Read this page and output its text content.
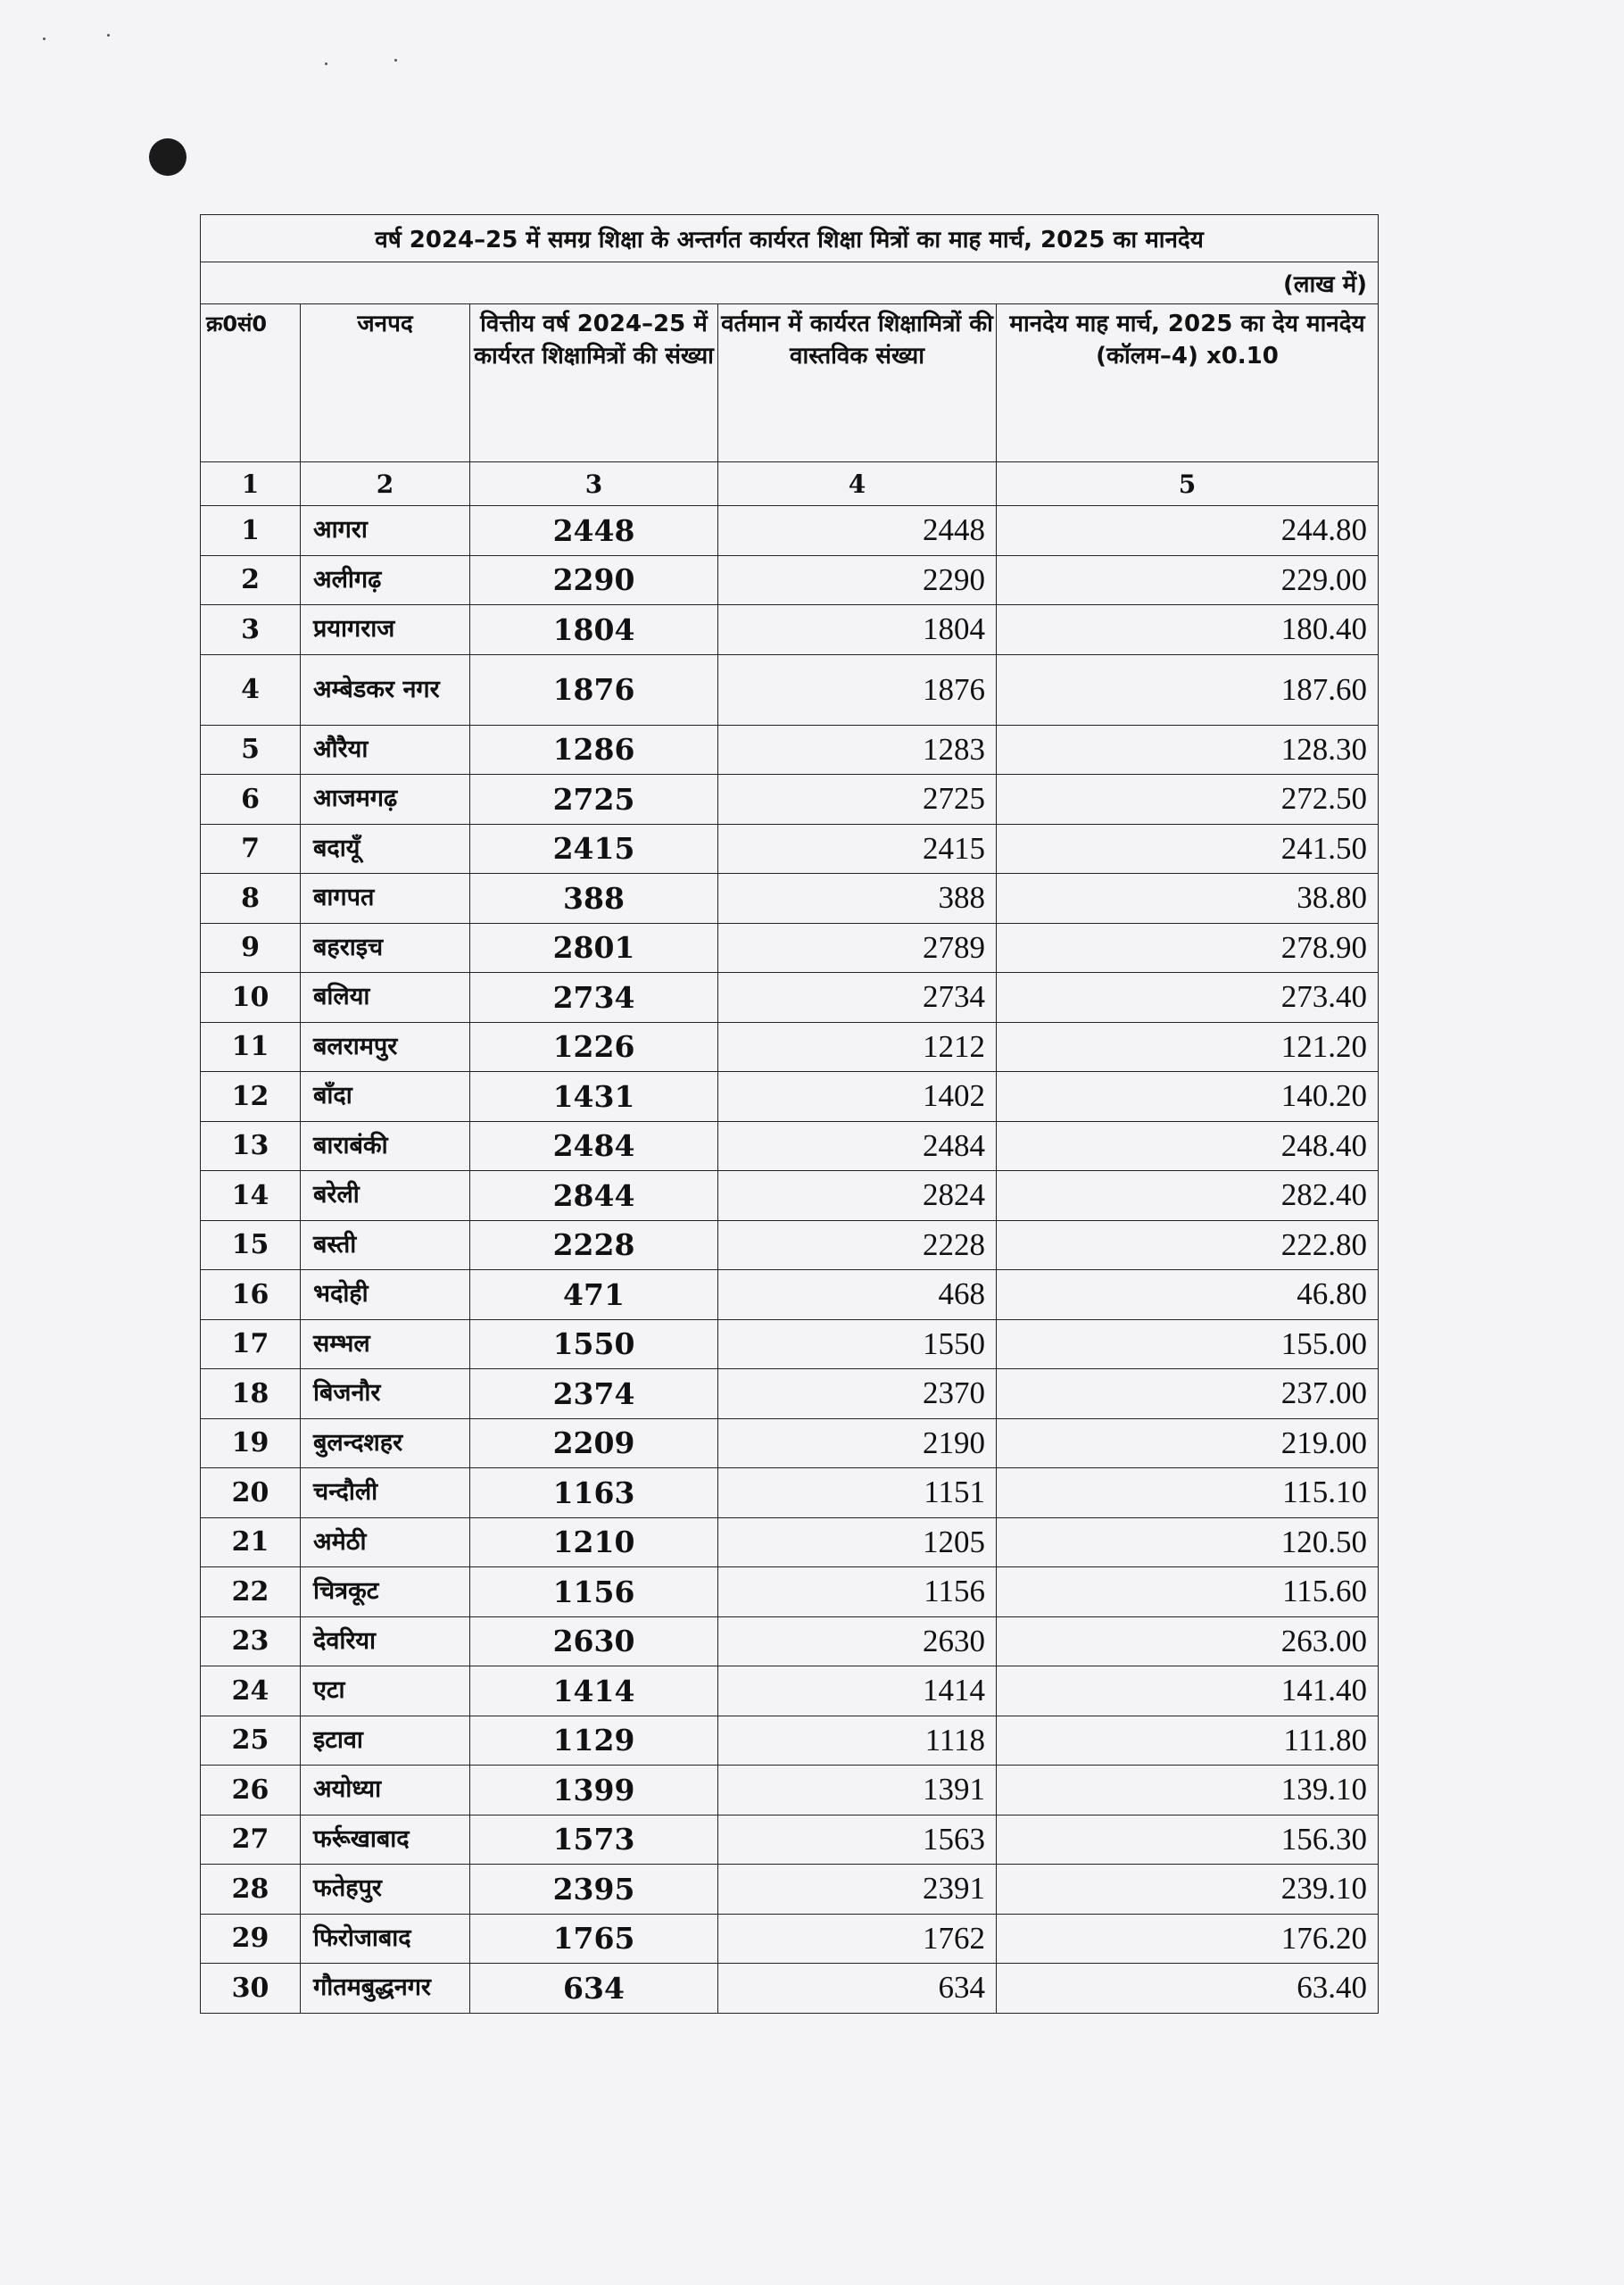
वर्ष 2024–25 में समग्र शिक्षा के अन्तर्गत कार्यरत शिक्षा मित्रों का माह मार्च, 2025 का मानदेय				
(लाख में)				
क्र0सं0	जनपद	वित्तीय वर्ष 2024–25 में कार्यरत शिक्षामित्रों की संख्या	वर्तमान में कार्यरत शिक्षामित्रों की वास्तविक संख्या	मानदेय माह मार्च, 2025 का देय मानदेय (कॉलम–4) x0.10
1	2	3	4	5
1	आगरा	2448	2448	244.80
2	अलीगढ़	2290	2290	229.00
3	प्रयागराज	1804	1804	180.40
4	अम्बेडकर नगर	1876	1876	187.60
5	औरैया	1286	1283	128.30
6	आजमगढ़	2725	2725	272.50
7	बदायूँ	2415	2415	241.50
8	बागपत	388	388	38.80
9	बहराइच	2801	2789	278.90
10	बलिया	2734	2734	273.40
11	बलरामपुर	1226	1212	121.20
12	बाँदा	1431	1402	140.20
13	बाराबंकी	2484	2484	248.40
14	बरेली	2844	2824	282.40
15	बस्ती	2228	2228	222.80
16	भदोही	471	468	46.80
17	सम्भल	1550	1550	155.00
18	बिजनौर	2374	2370	237.00
19	बुलन्दशहर	2209	2190	219.00
20	चन्दौली	1163	1151	115.10
21	अमेठी	1210	1205	120.50
22	चित्रकूट	1156	1156	115.60
23	देवरिया	2630	2630	263.00
24	एटा	1414	1414	141.40
25	इटावा	1129	1118	111.80
26	अयोध्या	1399	1391	139.10
27	फर्रूखाबाद	1573	1563	156.30
28	फतेहपुर	2395	2391	239.10
29	फिरोजाबाद	1765	1762	176.20
30	गौतमबुद्धनगर	634	634	63.40
